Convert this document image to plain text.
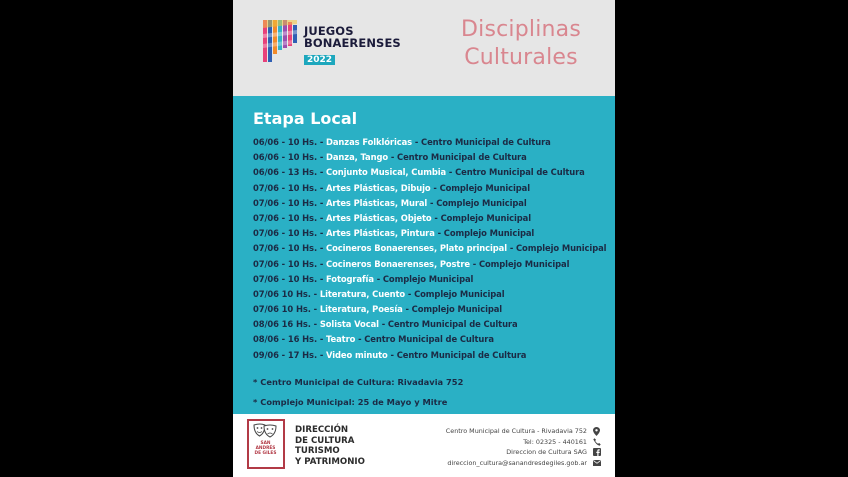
JUEGOS
BONAERENSES
2022
Disciplinas
Culturales
Etapa Local
06/06 - 10 Hs. - Danzas Folklóricas - Centro Municipal de Cultura
06/06 - 10 Hs. - Danza, Tango - Centro Municipal de Cultura
06/06 - 13 Hs. - Conjunto Musical, Cumbia - Centro Municipal de Cultura
07/06 - 10 Hs. - Artes Plásticas, Dibujo - Complejo Municipal
07/06 - 10 Hs. - Artes Plásticas, Mural - Complejo Municipal
07/06 - 10 Hs. - Artes Plásticas, Objeto - Complejo Municipal
07/06 - 10 Hs. - Artes Plásticas, Pintura - Complejo Municipal
07/06 - 10 Hs. - Cocineros Bonaerenses, Plato principal - Complejo Municipal
07/06 - 10 Hs. - Cocineros Bonaerenses, Postre - Complejo Municipal
07/06 - 10 Hs. - Fotografía - Complejo Municipal
07/06 10 Hs. - Literatura, Cuento - Complejo Municipal
07/06 10 Hs. - Literatura, Poesía - Complejo Municipal
08/06 16 Hs. - Solista Vocal - Centro Municipal de Cultura
08/06 - 16 Hs. - Teatro - Centro Municipal de Cultura
09/06 - 17 Hs. - Video minuto - Centro Municipal de Cultura
* Centro Municipal de Cultura: Rivadavia 752
* Complejo Municipal: 25 de Mayo y Mitre
SAN
ANDRÉS
DE GILES
DIRECCIÓN
DE CULTURA
TURISMO
Y PATRIMONIO
Centro Municipal de Cultura - Rivadavia 752
Tel: 02325 - 440161
Direccion de Cultura SAG
direccion_cultura@sanandresdegiles.gob.ar
